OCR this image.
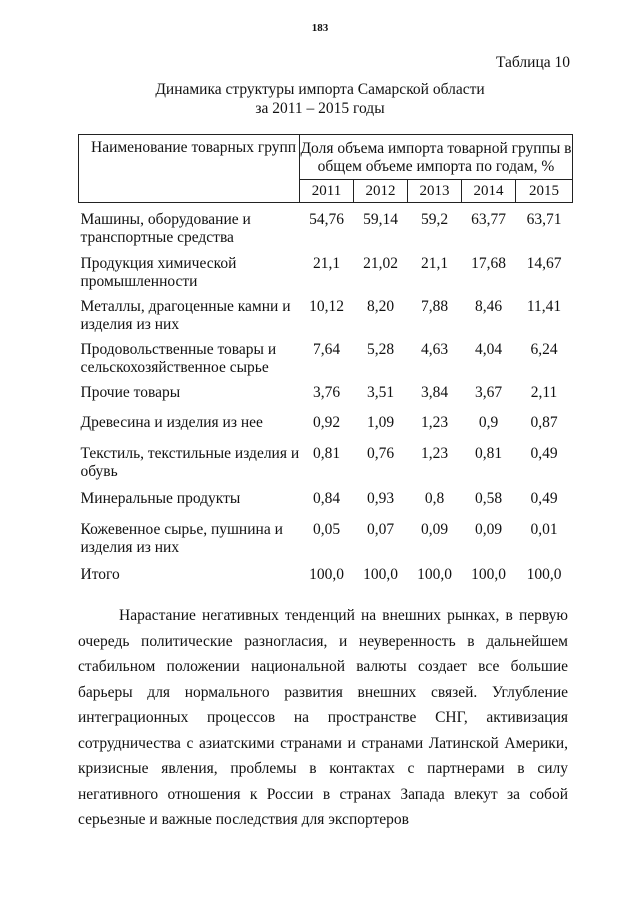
183
Таблица 10
Динамика структуры импорта Самарской области
за 2011 – 2015 годы
Наименование товарных групп	Доля объема импорта товарной группы в
общем объеме импорта по годам, %				
	2011	2012	2013	2014	2015
Машины, оборудование и транспортные средства	54,76	59,14	59,2	63,77	63,71
Продукция химической промышленности	21,1	21,02	21,1	17,68	14,67
Металлы, драгоценные камни и изделия из них	10,12	8,20	7,88	8,46	11,41
Продовольственные товары и сельскохозяйственное сырье	7,64	5,28	4,63	4,04	6,24
Прочие товары	3,76	3,51	3,84	3,67	2,11
Древесина и изделия из нее	0,92	1,09	1,23	0,9	0,87
Текстиль, текстильные изделия и обувь	0,81	0,76	1,23	0,81	0,49
Минеральные продукты	0,84	0,93	0,8	0,58	0,49
Кожевенное сырье, пушнина и изделия из них	0,05	0,07	0,09	0,09	0,01
Итого	100,0	100,0	100,0	100,0	100,0
Нарастание негативных тенденций на внешних рынках, в первую очередь политические разногласия, и неуверенность в дальнейшем стабильном положении национальной валюты создает все большие барьеры для нормального развития внешних связей. Углубление интеграционных процессов на пространстве СНГ, активизация сотрудничества с азиатскими странами и странами Латинской Америки, кризисные явления, проблемы в контактах с партнерами в силу негативного отношения к России в странах Запада влекут за собой серьезные и важные последствия для экспортеров
